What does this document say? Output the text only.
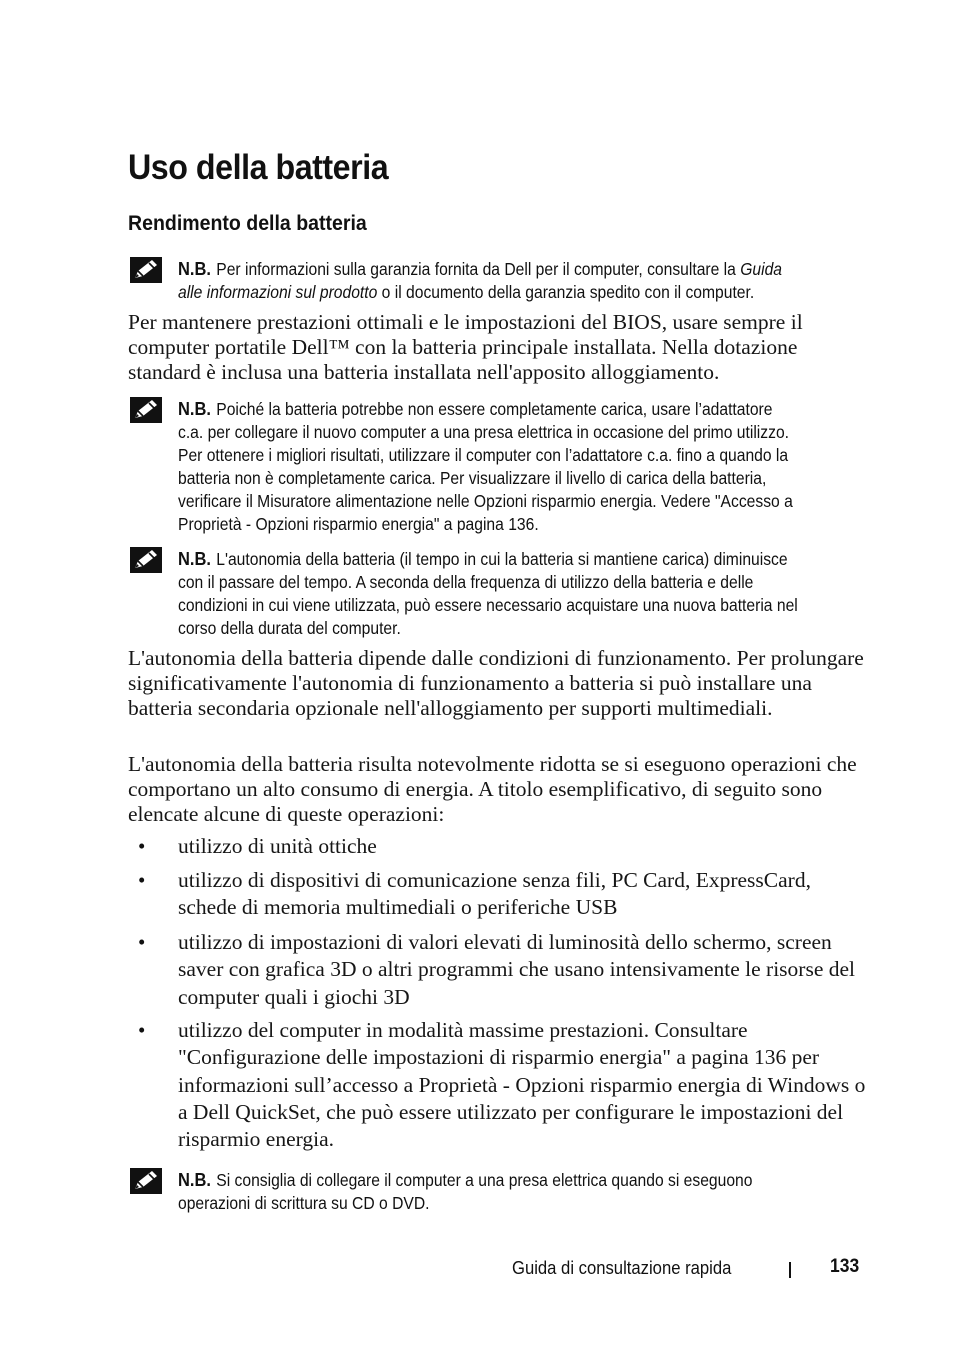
Uso della batteria
Rendimento della batteria
N.B. Per informazioni sulla garanzia fornita da Dell per il computer, consultare la Guida alle informazioni sul prodotto o il documento della garanzia spedito con il computer.

Per mantenere prestazioni ottimali e le impostazioni del BIOS, usare sempre il computer portatile Dell™ con la batteria principale installata. Nella dotazione standard è inclusa una batteria installata nell'apposito alloggiamento.

N.B. Poiché la batteria potrebbe non essere completamente carica, usare l’adattatore c.a. per collegare il nuovo computer a una presa elettrica in occasione del primo utilizzo. Per ottenere i migliori risultati, utilizzare il computer con l’adattatore c.a. fino a quando la batteria non è completamente carica. Per visualizzare il livello di carica della batteria, verificare il Misuratore alimentazione nelle Opzioni risparmio energia. Vedere "Accesso a Proprietà - Opzioni risparmio energia" a pagina 136.
N.B. L'autonomia della batteria (il tempo in cui la batteria si mantiene carica) diminuisce con il passare del tempo. A seconda della frequenza di utilizzo della batteria e delle condizioni in cui viene utilizzata, può essere necessario acquistare una nuova batteria nel corso della durata del computer.

L'autonomia della batteria dipende dalle condizioni di funzionamento. Per prolungare significativamente l'autonomia di funzionamento a batteria si può installare una batteria secondaria opzionale nell'alloggiamento per supporti multimediali.

L'autonomia della batteria risulta notevolmente ridotta se si eseguono operazioni che comportano un alto consumo di energia. A titolo esemplificativo, di seguito sono elencate alcune di queste operazioni:

• utilizzo di unità ottiche
• utilizzo di dispositivi di comunicazione senza fili, PC Card, ExpressCard, schede di memoria multimediali o periferiche USB
• utilizzo di impostazioni di valori elevati di luminosità dello schermo, screen saver con grafica 3D o altri programmi che usano intensivamente le risorse del computer quali i giochi 3D
• utilizzo del computer in modalità massime prestazioni. Consultare "Configurazione delle impostazioni di risparmio energia" a pagina 136 per informazioni sull’accesso a Proprietà - Opzioni risparmio energia di Windows o a Dell QuickSet, che può essere utilizzato per configurare le impostazioni del risparmio energia.
N.B. Si consiglia di collegare il computer a una presa elettrica quando si eseguono operazioni di scrittura su CD o DVD.
Guida di consultazione rapida	133
